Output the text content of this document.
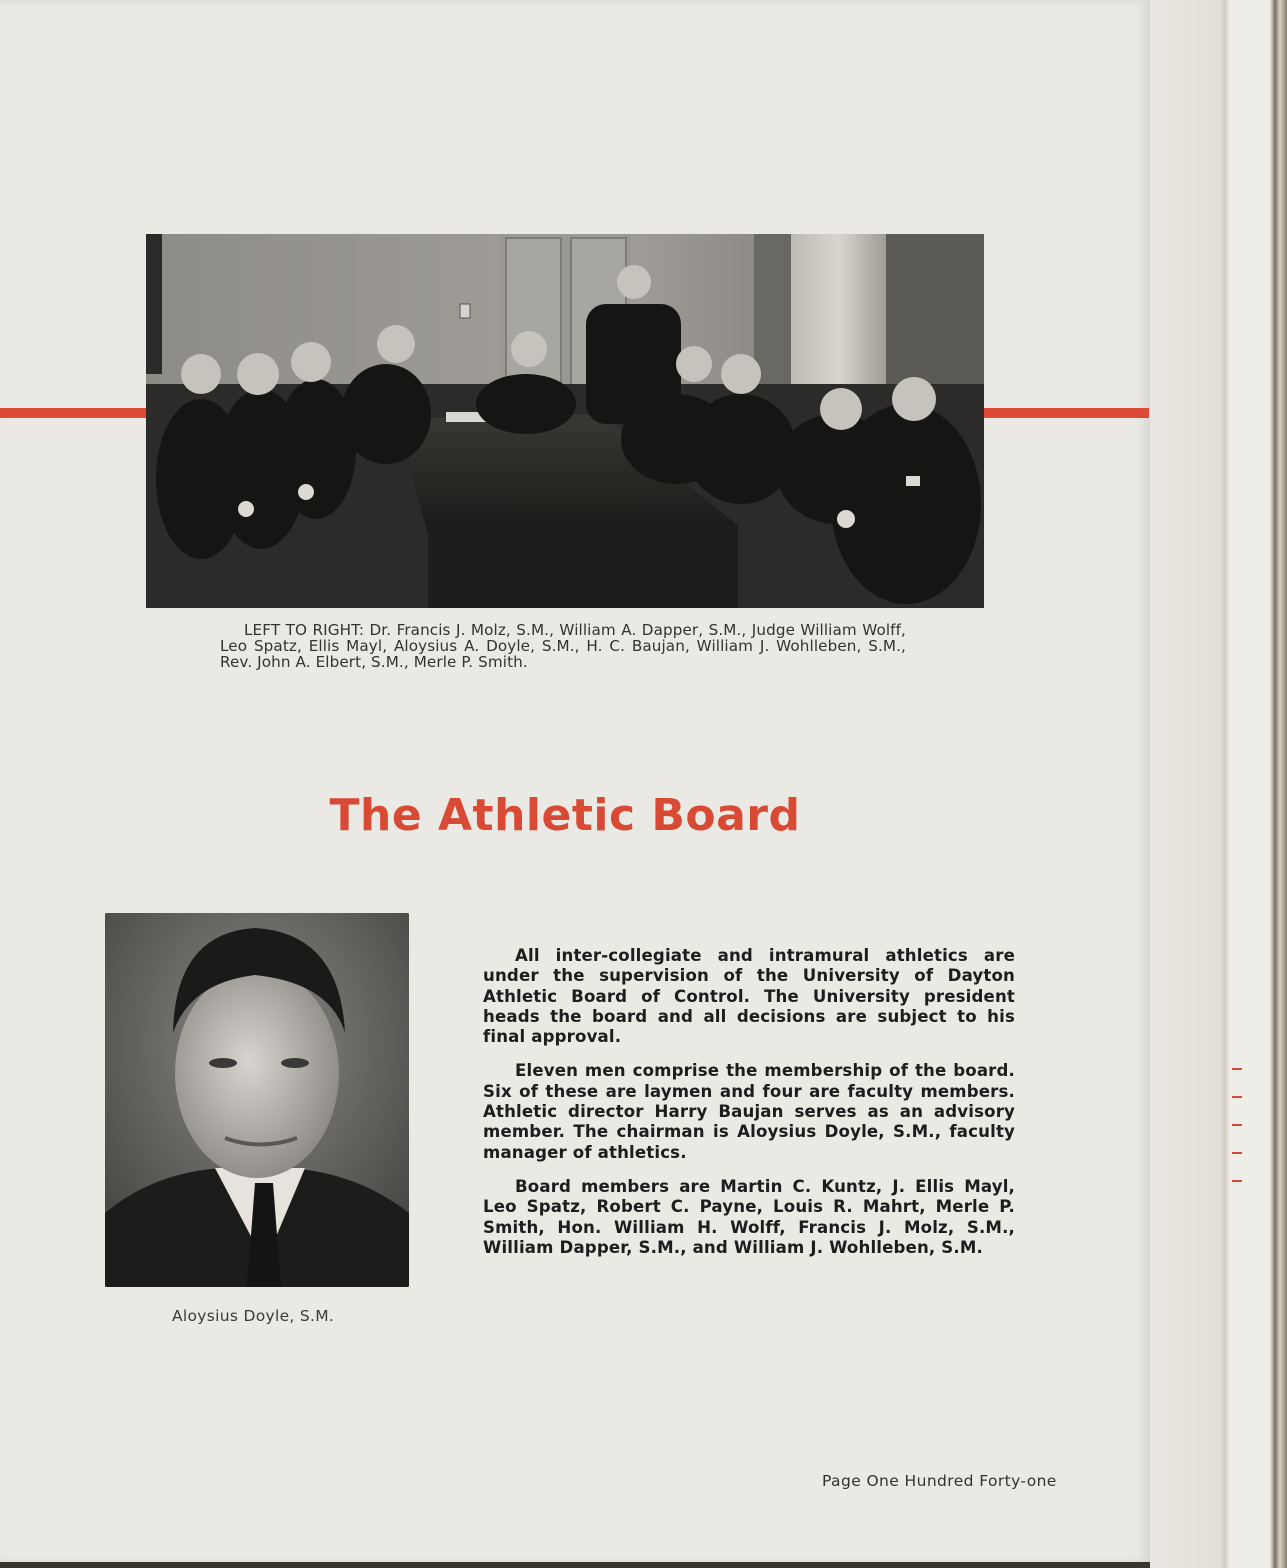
LEFT TO RIGHT: Dr. Francis J. Molz, S.M., William A. Dapper, S.M., Judge William Wolff, Leo Spatz, Ellis Mayl, Aloysius A. Doyle, S.M., H. C. Baujan, William J. Wohlleben, S.M., Rev. John A. Elbert, S.M., Merle P. Smith.
The Athletic Board
Aloysius Doyle, S.M.

All inter-collegiate and intramural athletics are under the supervision of the University of Dayton Athletic Board of Control. The University president heads the board and all decisions are subject to his final approval.

Eleven men comprise the membership of the board. Six of these are laymen and four are faculty members. Athletic director Harry Baujan serves as an advisory member. The chairman is Aloysius Doyle, S.M., faculty manager of athletics.

Board members are Martin C. Kuntz, J. Ellis Mayl, Leo Spatz, Robert C. Payne, Louis R. Mahrt, Merle P. Smith, Hon. William H. Wolff, Francis J. Molz, S.M., William Dapper, S.M., and William J. Wohlleben, S.M.

Page One Hundred Forty-one
